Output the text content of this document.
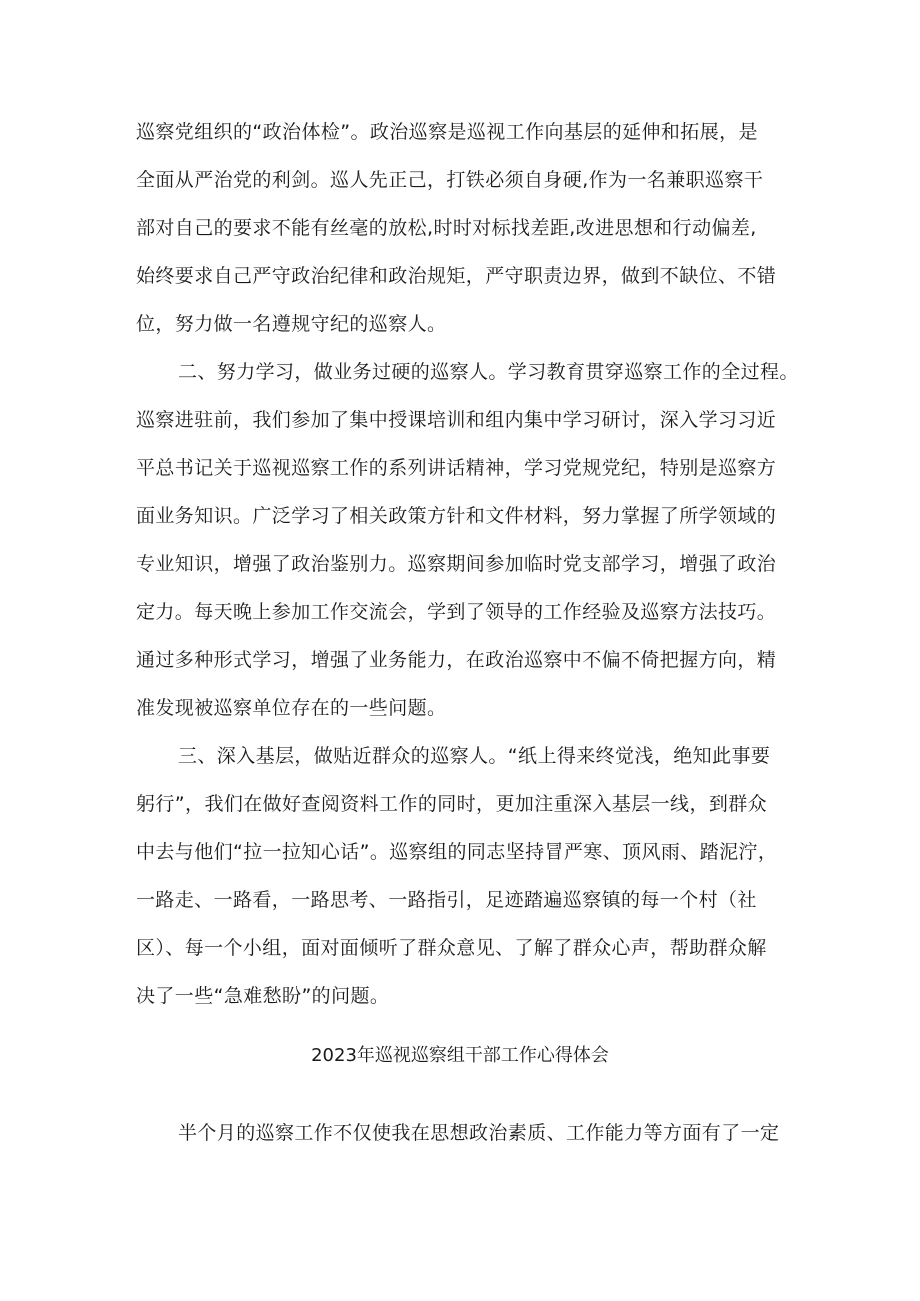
巡察党组织的“政治体检”。政治巡察是巡视工作向基层的延伸和拓展，是
全面从严治党的利剑。巡人先正己，打铁必须自身硬,作为一名兼职巡察干
部对自己的要求不能有丝毫的放松,时时对标找差距,改进思想和行动偏差,
始终要求自己严守政治纪律和政治规矩，严守职责边界，做到不缺位、不错
位，努力做一名遵规守纪的巡察人。
二、努力学习，做业务过硬的巡察人。学习教育贯穿巡察工作的全过程。
巡察进驻前，我们参加了集中授课培训和组内集中学习研讨，深入学习习近
平总书记关于巡视巡察工作的系列讲话精神，学习党规党纪，特别是巡察方
面业务知识。广泛学习了相关政策方针和文件材料，努力掌握了所学领域的
专业知识，增强了政治鉴别力。巡察期间参加临时党支部学习，增强了政治
定力。每天晚上参加工作交流会，学到了领导的工作经验及巡察方法技巧。
通过多种形式学习，增强了业务能力，在政治巡察中不偏不倚把握方向，精
准发现被巡察单位存在的一些问题。
三、深入基层，做贴近群众的巡察人。“纸上得来终觉浅，绝知此事要
躬行”，我们在做好查阅资料工作的同时，更加注重深入基层一线，到群众
中去与他们“拉一拉知心话”。巡察组的同志坚持冒严寒、顶风雨、踏泥泞，
一路走、一路看，一路思考、一路指引，足迹踏遍巡察镇的每一个村（社
区）、每一个小组，面对面倾听了群众意见、了解了群众心声，帮助群众解
决了一些“急难愁盼”的问题。
2023年巡视巡察组干部工作心得体会
半个月的巡察工作不仅使我在思想政治素质、工作能力等方面有了一定
